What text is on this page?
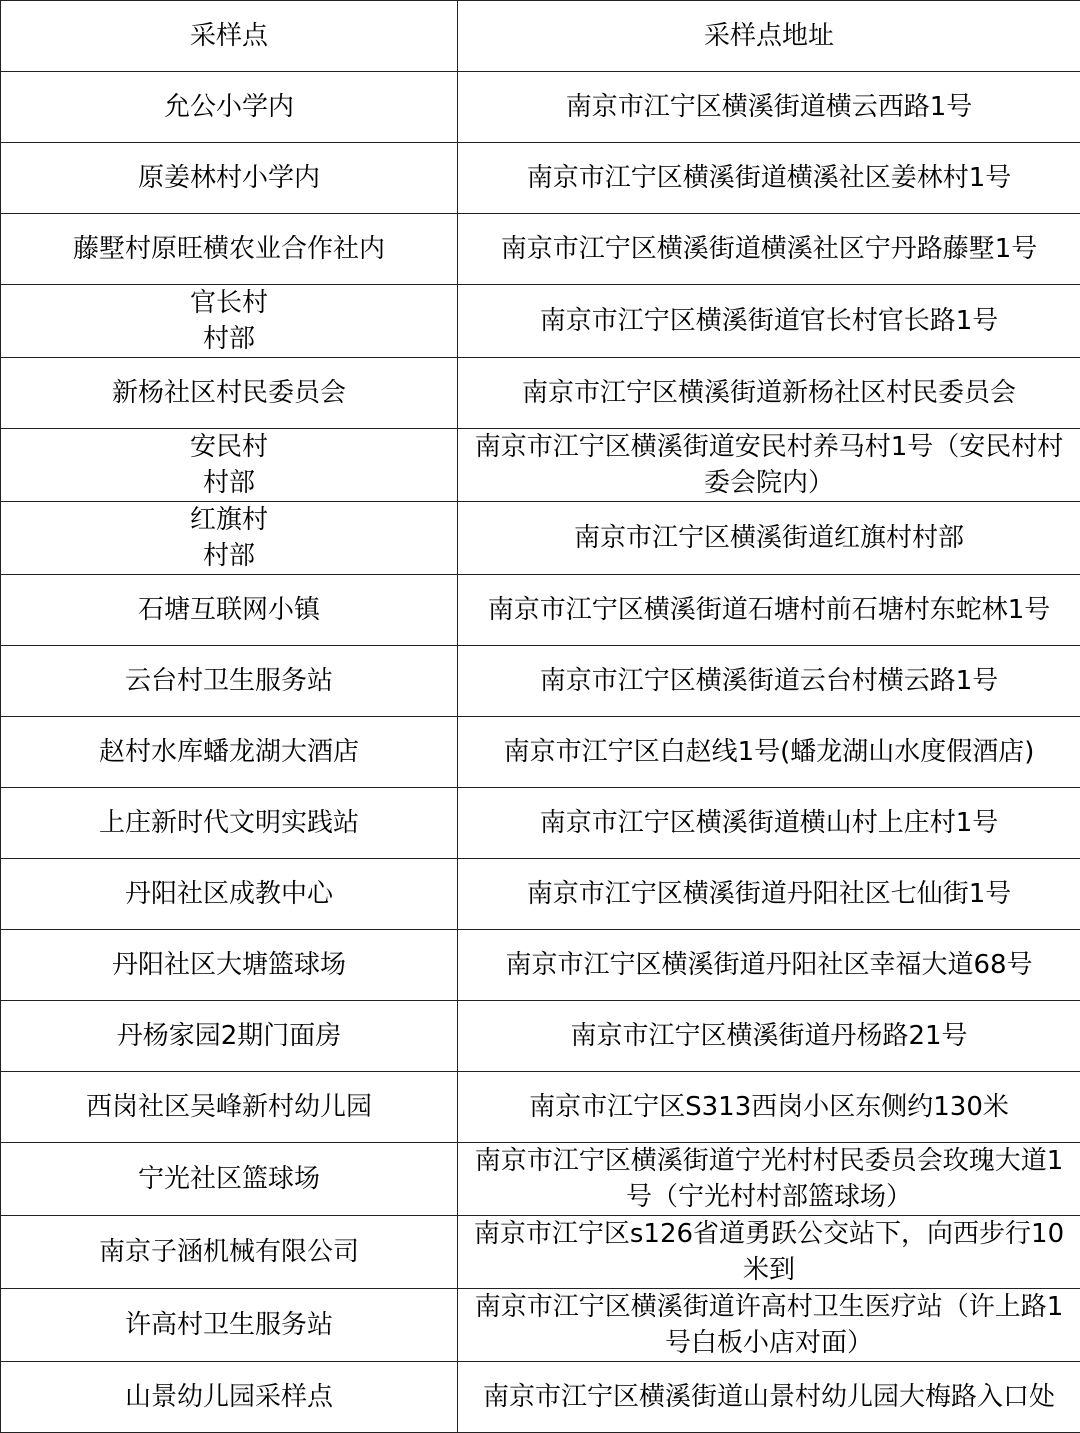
采样点	采样点地址
允公小学内	南京市江宁区横溪街道横云西路1号
原姜林村小学内	南京市江宁区横溪街道横溪社区姜林村1号
藤墅村原旺横农业合作社内	南京市江宁区横溪街道横溪社区宁丹路藤墅1号

官长村
村部	南京市江宁区横溪街道官长村官长路1号
新杨社区村民委员会	南京市江宁区横溪街道新杨社区村民委员会

安民村
村部	南京市江宁区横溪街道安民村养马村1号（安民村村委会院内）

红旗村
村部	南京市江宁区横溪街道红旗村村部
石塘互联网小镇	南京市江宁区横溪街道石塘村前石塘村东蛇林1号
云台村卫生服务站	南京市江宁区横溪街道云台村横云路1号
赵村水库蟠龙湖大酒店	南京市江宁区白赵线1号(蟠龙湖山水度假酒店)
上庄新时代文明实践站	南京市江宁区横溪街道横山村上庄村1号
丹阳社区成教中心	南京市江宁区横溪街道丹阳社区七仙街1号
丹阳社区大塘篮球场	南京市江宁区横溪街道丹阳社区幸福大道68号
丹杨家园2期门面房	南京市江宁区横溪街道丹杨路21号
西岗社区吴峰新村幼儿园	南京市江宁区S313西岗小区东侧约130米
宁光社区篮球场	南京市江宁区横溪街道宁光村村民委员会玫瑰大道1号（宁光村村部篮球场）
南京子涵机械有限公司	南京市江宁区s126省道勇跃公交站下，向西步行10米到
许高村卫生服务站	南京市江宁区横溪街道许高村卫生医疗站（许上路1号白板小店对面）
山景幼儿园采样点	南京市江宁区横溪街道山景村幼儿园大梅路入口处
